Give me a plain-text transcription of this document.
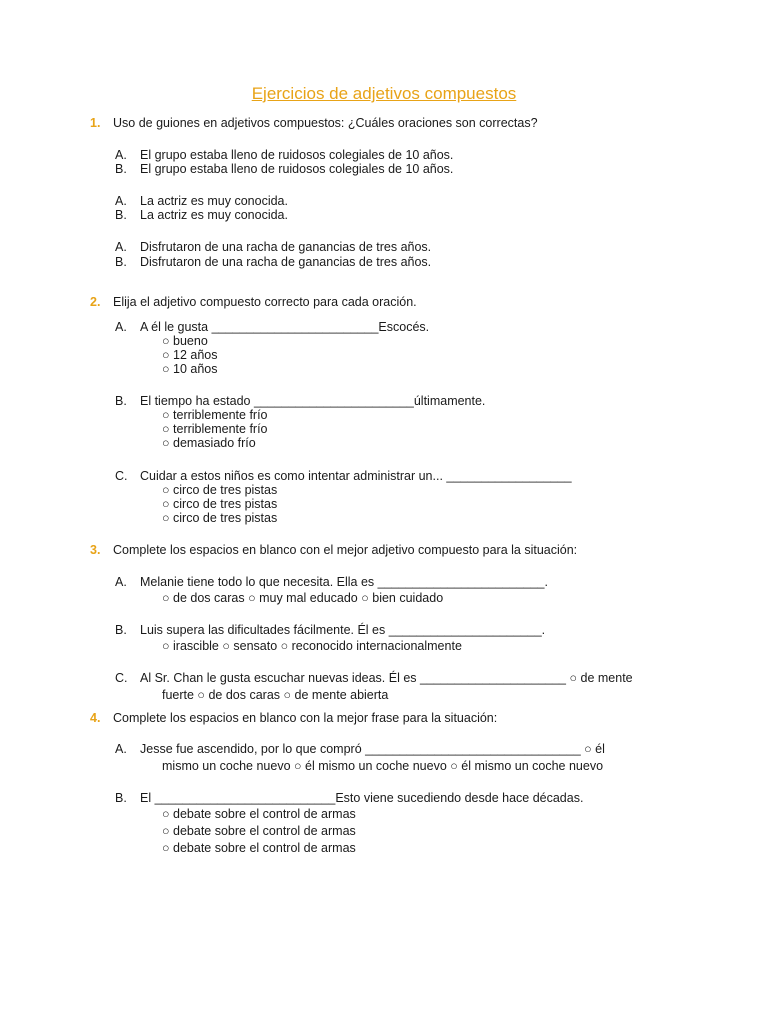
Ejercicios de adjetivos compuestos
1. Uso de guiones en adjetivos compuestos: ¿Cuáles oraciones son correctas?
A. El grupo estaba lleno de ruidosos colegiales de 10 años.
B. El grupo estaba lleno de ruidosos colegiales de 10 años.
A. La actriz es muy conocida.
B. La actriz es muy conocida.
A. Disfrutaron de una racha de ganancias de tres años.
B. Disfrutaron de una racha de ganancias de tres años.
2. Elija el adjetivo compuesto correcto para cada oración.
A. A él le gusta ________________________Escocés.
○ bueno
○ 12 años
○ 10 años
B. El tiempo ha estado _______________________últimamente.
○ terriblemente frío
○ terriblemente frío
○ demasiado frío
C. Cuidar a estos niños es como intentar administrar un... __________________
○ circo de tres pistas
○ circo de tres pistas
○ circo de tres pistas
3. Complete los espacios en blanco con el mejor adjetivo compuesto para la situación:
A. Melanie tiene todo lo que necesita. Ella es ________________________.
○ de dos caras ○ muy mal educado ○ bien cuidado
B. Luis supera las dificultades fácilmente. Él es ______________________.
○ irascible ○ sensato ○ reconocido internacionalmente
C. Al Sr. Chan le gusta escuchar nuevas ideas. Él es _____________________ ○ de mente
fuerte ○ de dos caras ○ de mente abierta
4. Complete los espacios en blanco con la mejor frase para la situación:
A. Jesse fue ascendido, por lo que compró _______________________________ ○ él
mismo un coche nuevo ○ él mismo un coche nuevo ○ él mismo un coche nuevo
B. El __________________________Esto viene sucediendo desde hace décadas.
○ debate sobre el control de armas
○ debate sobre el control de armas
○ debate sobre el control de armas
